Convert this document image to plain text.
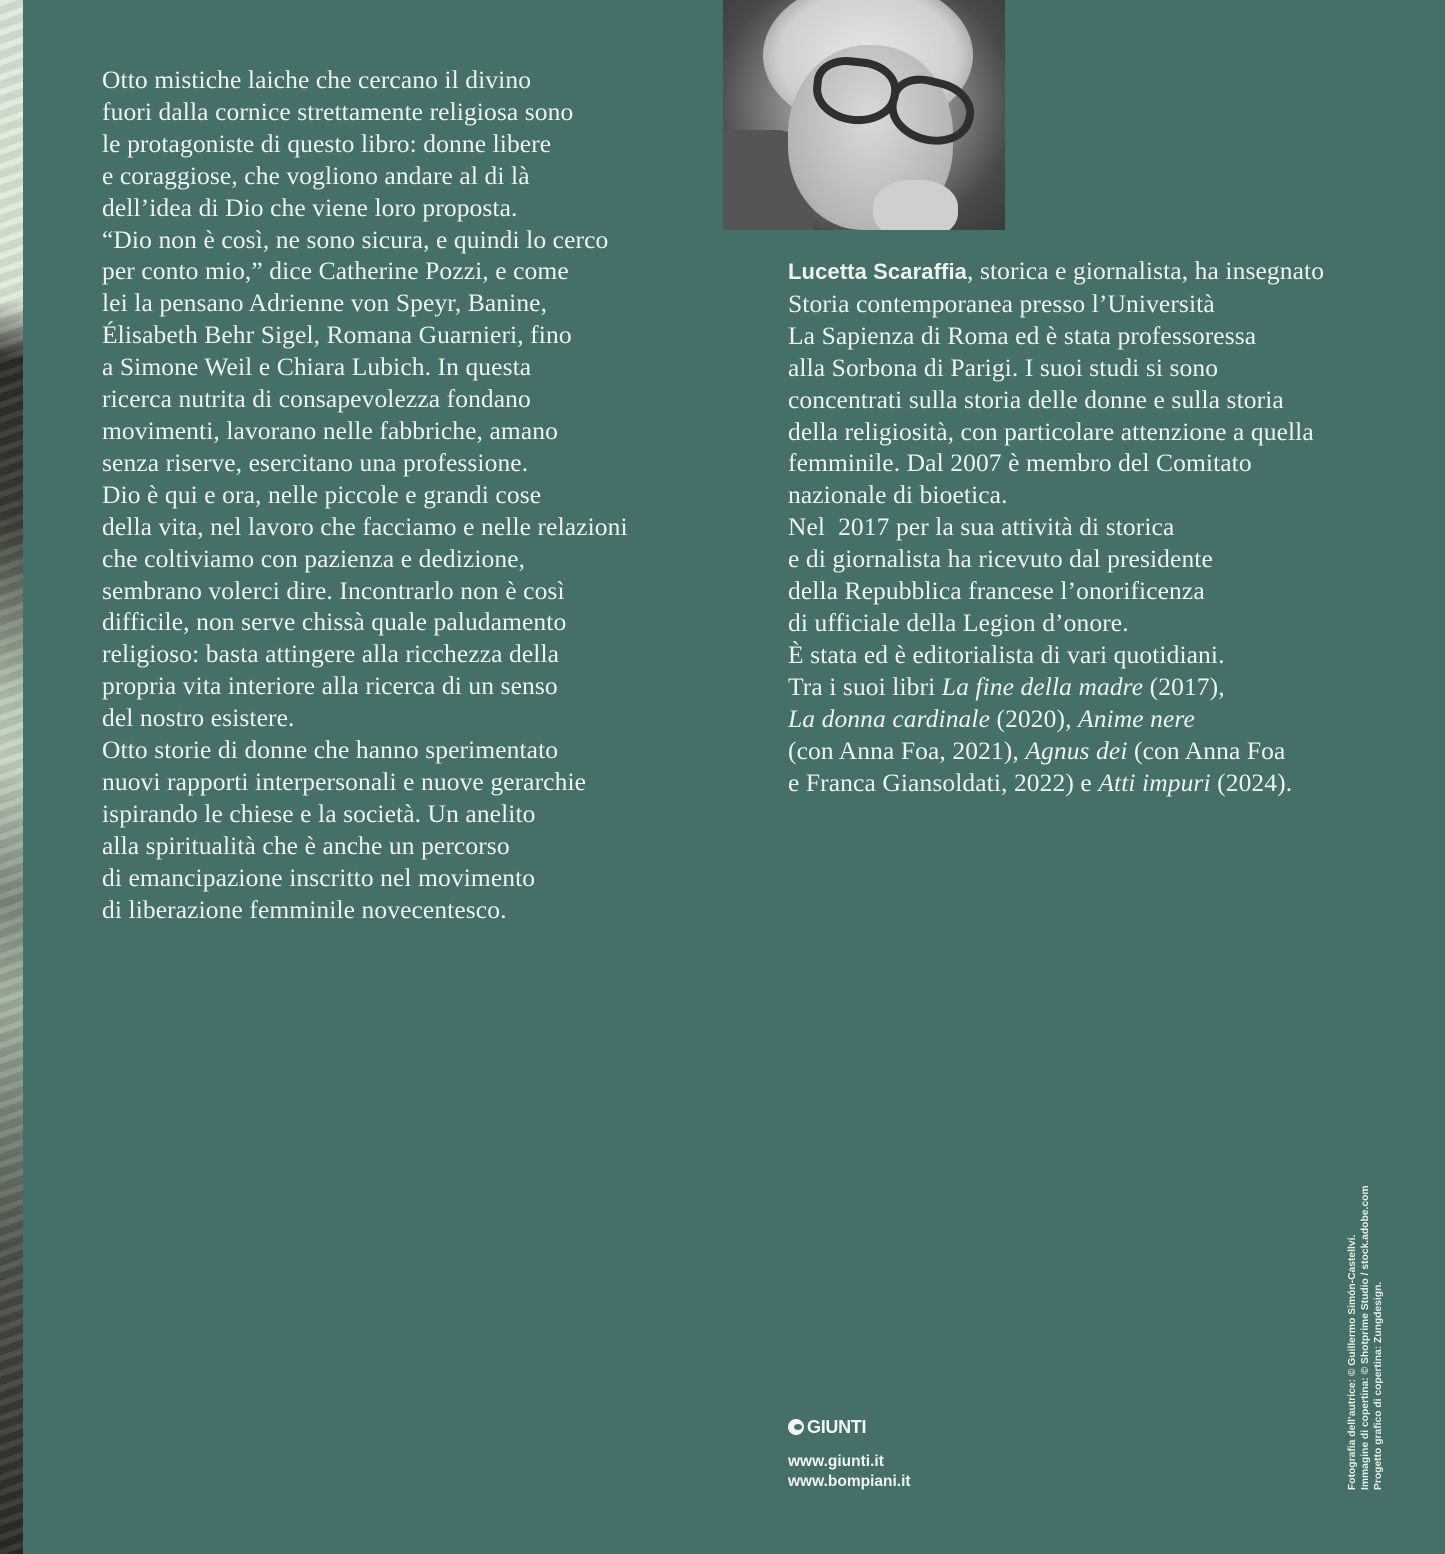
Otto mistiche laiche che cercano il divino
fuori dalla cornice strettamente religiosa sono
le protagoniste di questo libro: donne libere
e coraggiose, che vogliono andare al di là
dell’idea di Dio che viene loro proposta.
“Dio non è così, ne sono sicura, e quindi lo cerco
per conto mio,” dice Catherine Pozzi, e come
lei la pensano Adrienne von Speyr, Banine,
Élisabeth Behr Sigel, Romana Guarnieri, fino
a Simone Weil e Chiara Lubich. In questa
ricerca nutrita di consapevolezza fondano
movimenti, lavorano nelle fabbriche, amano
senza riserve, esercitano una professione.
Dio è qui e ora, nelle piccole e grandi cose
della vita, nel lavoro che facciamo e nelle relazioni
che coltiviamo con pazienza e dedizione,
sembrano volerci dire. Incontrarlo non è così
difficile, non serve chissà quale paludamento
religioso: basta attingere alla ricchezza della
propria vita interiore alla ricerca di un senso
del nostro esistere.
Otto storie di donne che hanno sperimentato
nuovi rapporti interpersonali e nuove gerarchie
ispirando le chiese e la società. Un anelito
alla spiritualità che è anche un percorso
di emancipazione inscritto nel movimento
di liberazione femminile novecentesco.
Lucetta Scaraffia, storica e giornalista, ha insegnato
Storia contemporanea presso l’Università
La Sapienza di Roma ed è stata professoressa
alla Sorbona di Parigi. I suoi studi si sono
concentrati sulla storia delle donne e sulla storia
della religiosità, con particolare attenzione a quella
femminile. Dal 2007 è membro del Comitato
nazionale di bioetica.
Nel  2017 per la sua attività di storica
e di giornalista ha ricevuto dal presidente
della Repubblica francese l’onorificenza
di ufficiale della Legion d’onore.
È stata ed è editorialista di vari quotidiani.
Tra i suoi libri La fine della madre (2017),
La donna cardinale (2020), Anime nere
(con Anna Foa, 2021), Agnus dei (con Anna Foa
e Franca Giansoldati, 2022) e Atti impuri (2024).
GIUNTI
www.giunti.it
www.bompiani.it	Fotografia dell’autrice: © Guillermo Simón-Castellví. Immagine di copertina: © Shotprime Studio / stock.adobe.com Progetto grafico di copertina: Zungdesign.
